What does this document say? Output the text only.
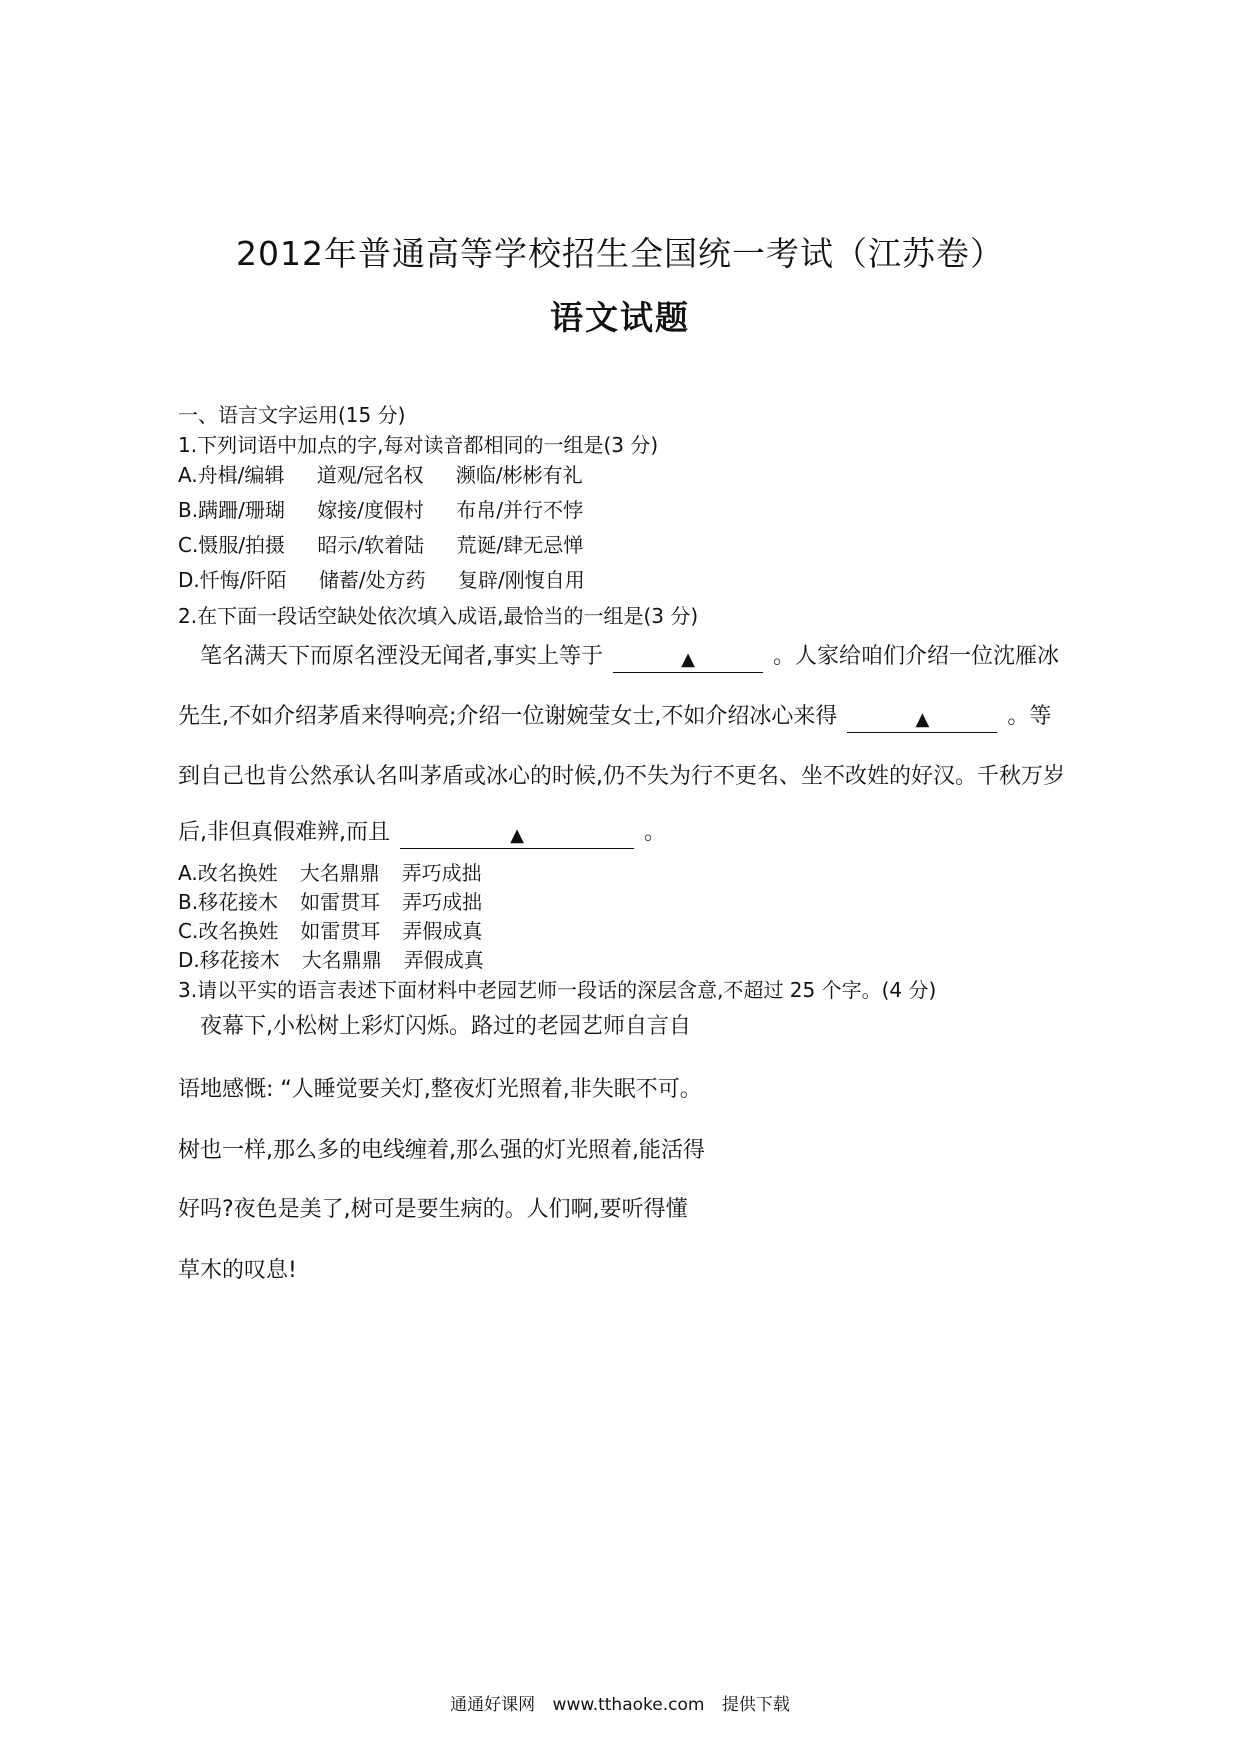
2012年普通高等学校招生全国统一考试（江苏卷）
语文试题
一、语言文字运用(15 分)
1.下列词语中加点的字,每对读音都相同的一组是(3 分)
A.舟楫/编辑 道观/冠名权 濒临/彬彬有礼
B.蹒跚/珊瑚 嫁接/度假村 布帛/并行不悖
C.慑服/拍摄 昭示/软着陆 荒诞/肆无忌惮
D.忏悔/阡陌 储蓄/处方药 复辟/刚愎自用
2.在下面一段话空缺处依次填入成语,最恰当的一组是(3 分)
笔名满天下而原名湮没无闻者,事实上等于	▲	。人家给咱们介绍一位沈雁冰
先生,不如介绍茅盾来得响亮;介绍一位谢婉莹女士,不如介绍冰心来得	▲	。等
到自己也肯公然承认名叫茅盾或冰心的时候,仍不失为行不更名、坐不改姓的好汉。千秋万岁
后,非但真假难辨,而且	▲	。
A.改名换姓 大名鼎鼎 弄巧成拙
B.移花接木 如雷贯耳 弄巧成拙
C.改名换姓 如雷贯耳 弄假成真
D.移花接木 大名鼎鼎 弄假成真
3.请以平实的语言表述下面材料中老园艺师一段话的深层含意,不超过 25 个字。(4 分)
夜幕下,小松树上彩灯闪烁。路过的老园艺师自言自
语地感慨: “人睡觉要关灯,整夜灯光照着,非失眠不可。
树也一样,那么多的电线缠着,那么强的灯光照着,能活得
好吗?夜色是美了,树可是要生病的。人们啊,要听得懂
草木的叹息!
通通好课网 www.tthaoke.com 提供下载
